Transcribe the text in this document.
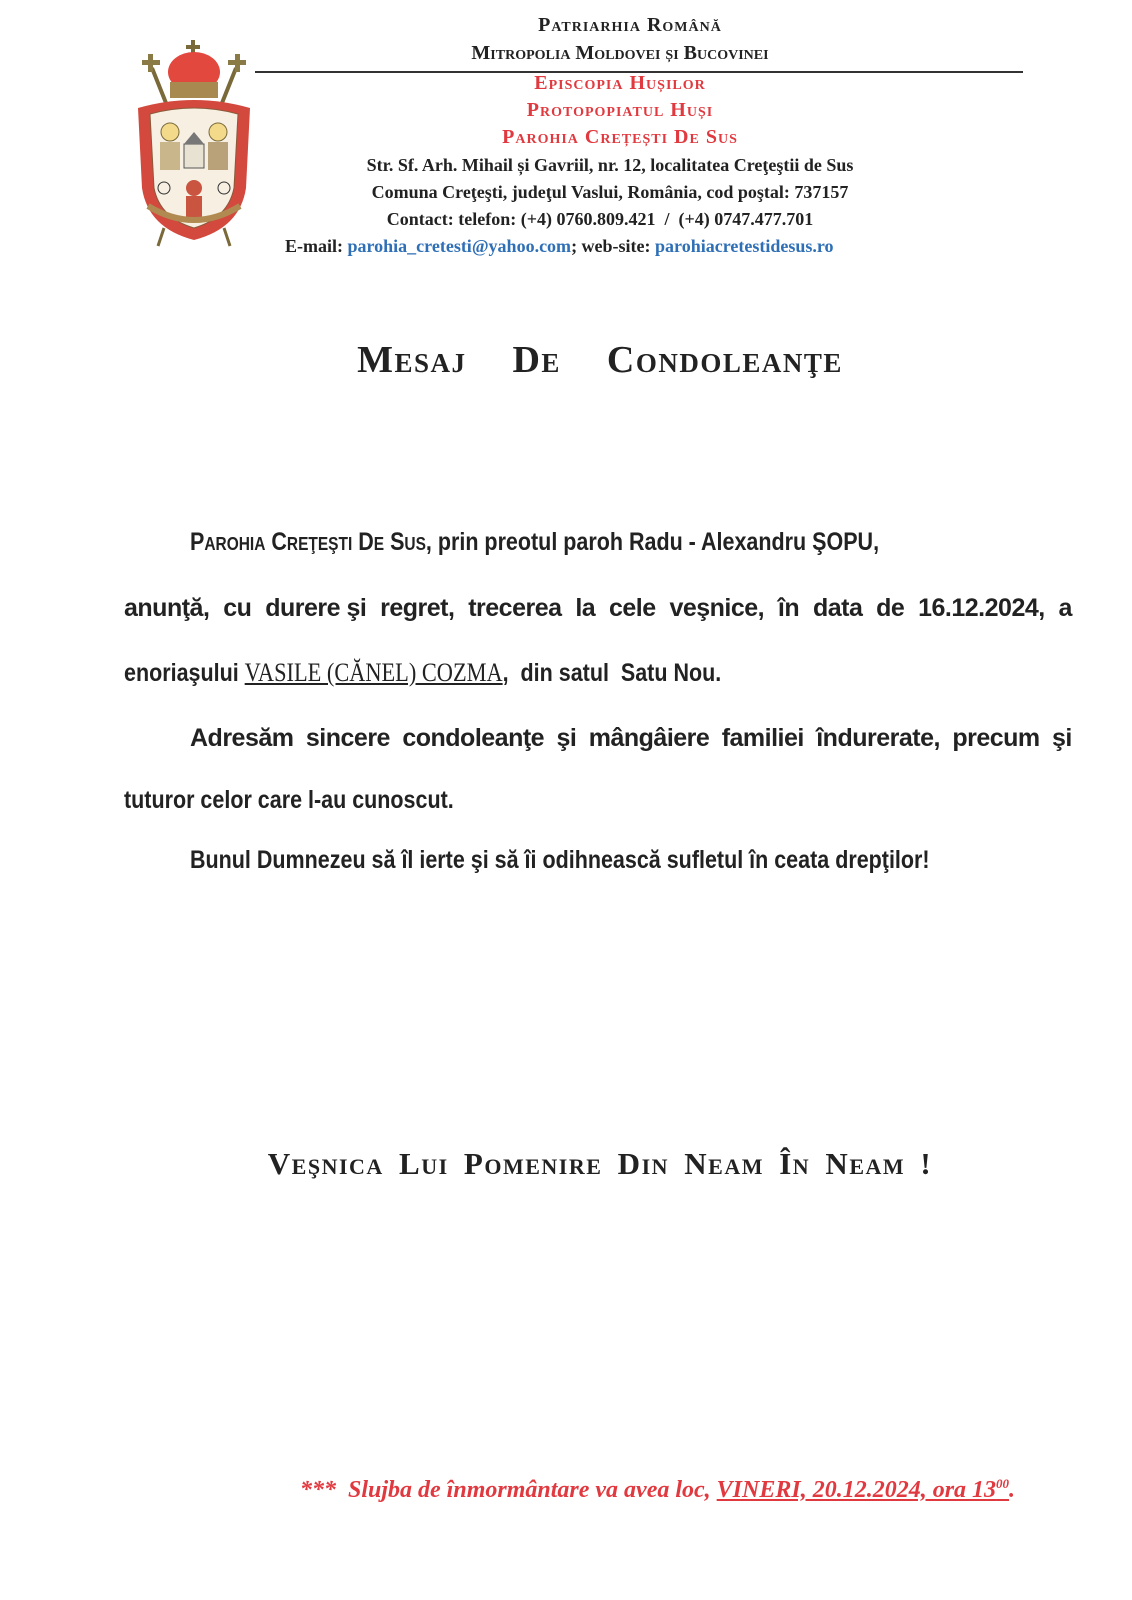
Patriarhia Română
Mitropolia Moldovei și Bucovinei
Episcopia Hușilor
Protopopiatul Huși
Parohia Crețești De Sus
Str. Sf. Arh. Mihail și Gavriil, nr. 12, localitatea Creţeştii de Sus
Comuna Creţeşti, judeţul Vaslui, România, cod poştal: 737157
Contact: telefon: (+4) 0760.809.421  /  (+4) 0747.477.701
E-mail: parohia_cretesti@yahoo.com; web-site: parohiacretestidesus.ro
Mesaj  De  Condoleanţe
Parohia Creţeşti De Sus, prin preotul paroh Radu - Alexandru ŞOPU,
anunţă, cu durere şi regret, trecerea la cele veşnice, în data de 16.12.2024, a
enoriaşului VASILE (CĂNEL) COZMA,  din satul  Satu Nou.
Adresăm sincere condoleanţe şi mângâiere familiei îndurerate, precum şi
tuturor celor care l-au cunoscut.
Bunul Dumnezeu să îl ierte şi să îi odihnească sufletul în ceata drepţilor!
Veşnica Lui Pomenire Din Neam În Neam !
*** Slujba de înmormântare va avea loc, VINERI, 20.12.2024, ora $13^{00}$.
